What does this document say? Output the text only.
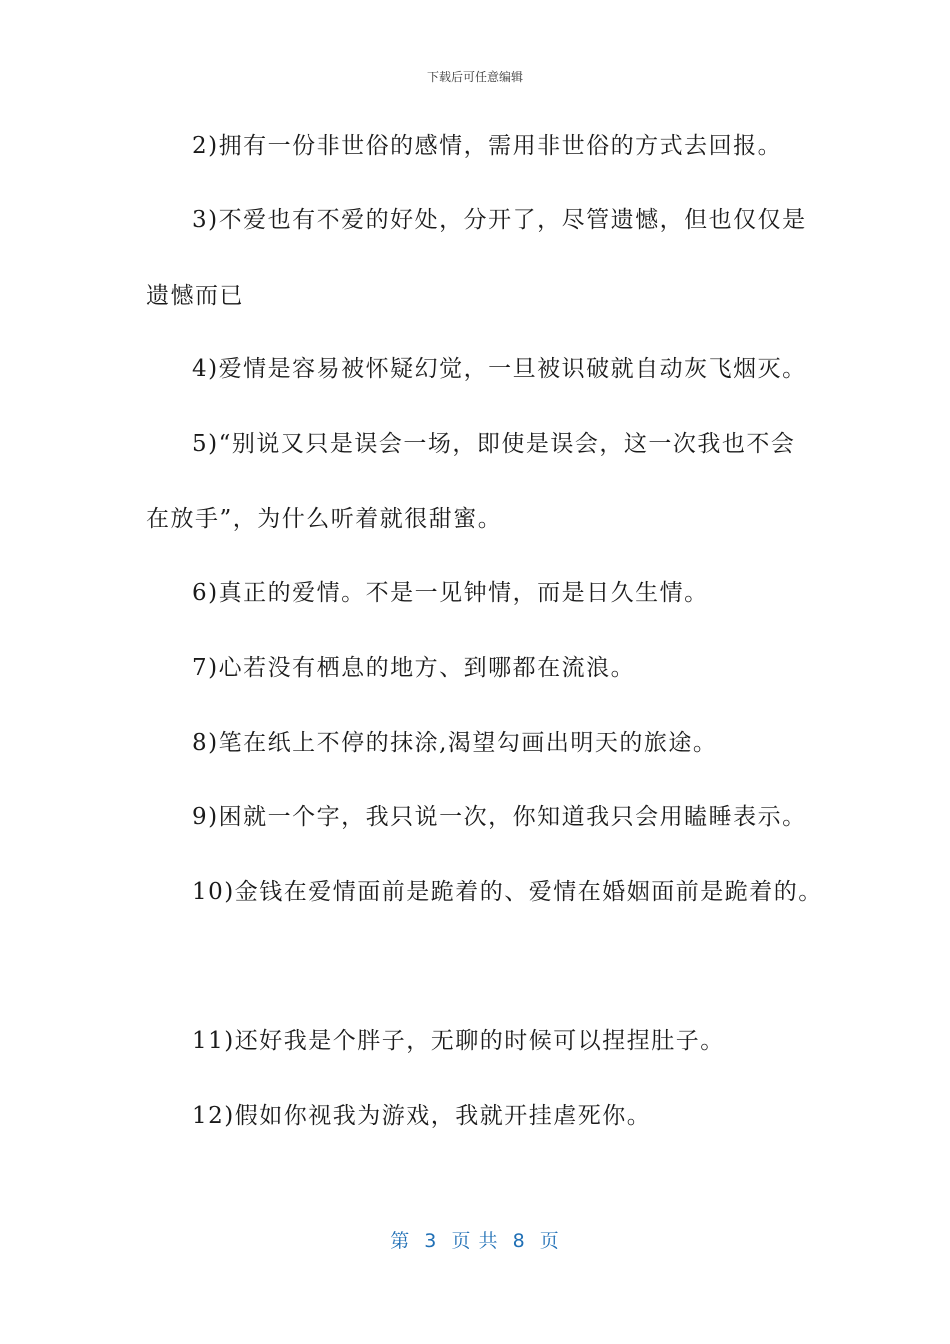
下载后可任意编辑
2)拥有一份非世俗的感情，需用非世俗的方式去回报。
3)不爱也有不爱的好处，分开了，尽管遗憾，但也仅仅是
遗憾而已
4)爱情是容易被怀疑幻觉，一旦被识破就自动灰飞烟灭。
5)“别说又只是误会一场，即使是误会，这一次我也不会
在放手”，为什么听着就很甜蜜。
6)真正的爱情。不是一见钟情，而是日久生情。
7)心若没有栖息的地方、到哪都在流浪。
8)笔在纸上不停的抹涂,渴望勾画出明天的旅途。
9)困就一个字，我只说一次，你知道我只会用瞌睡表示。
10)金钱在爱情面前是跪着的、爱情在婚姻面前是跪着的。
11)还好我是个胖子，无聊的时候可以捏捏肚子。
12)假如你视我为游戏，我就开挂虐死你。
第  3  页 共  8  页
